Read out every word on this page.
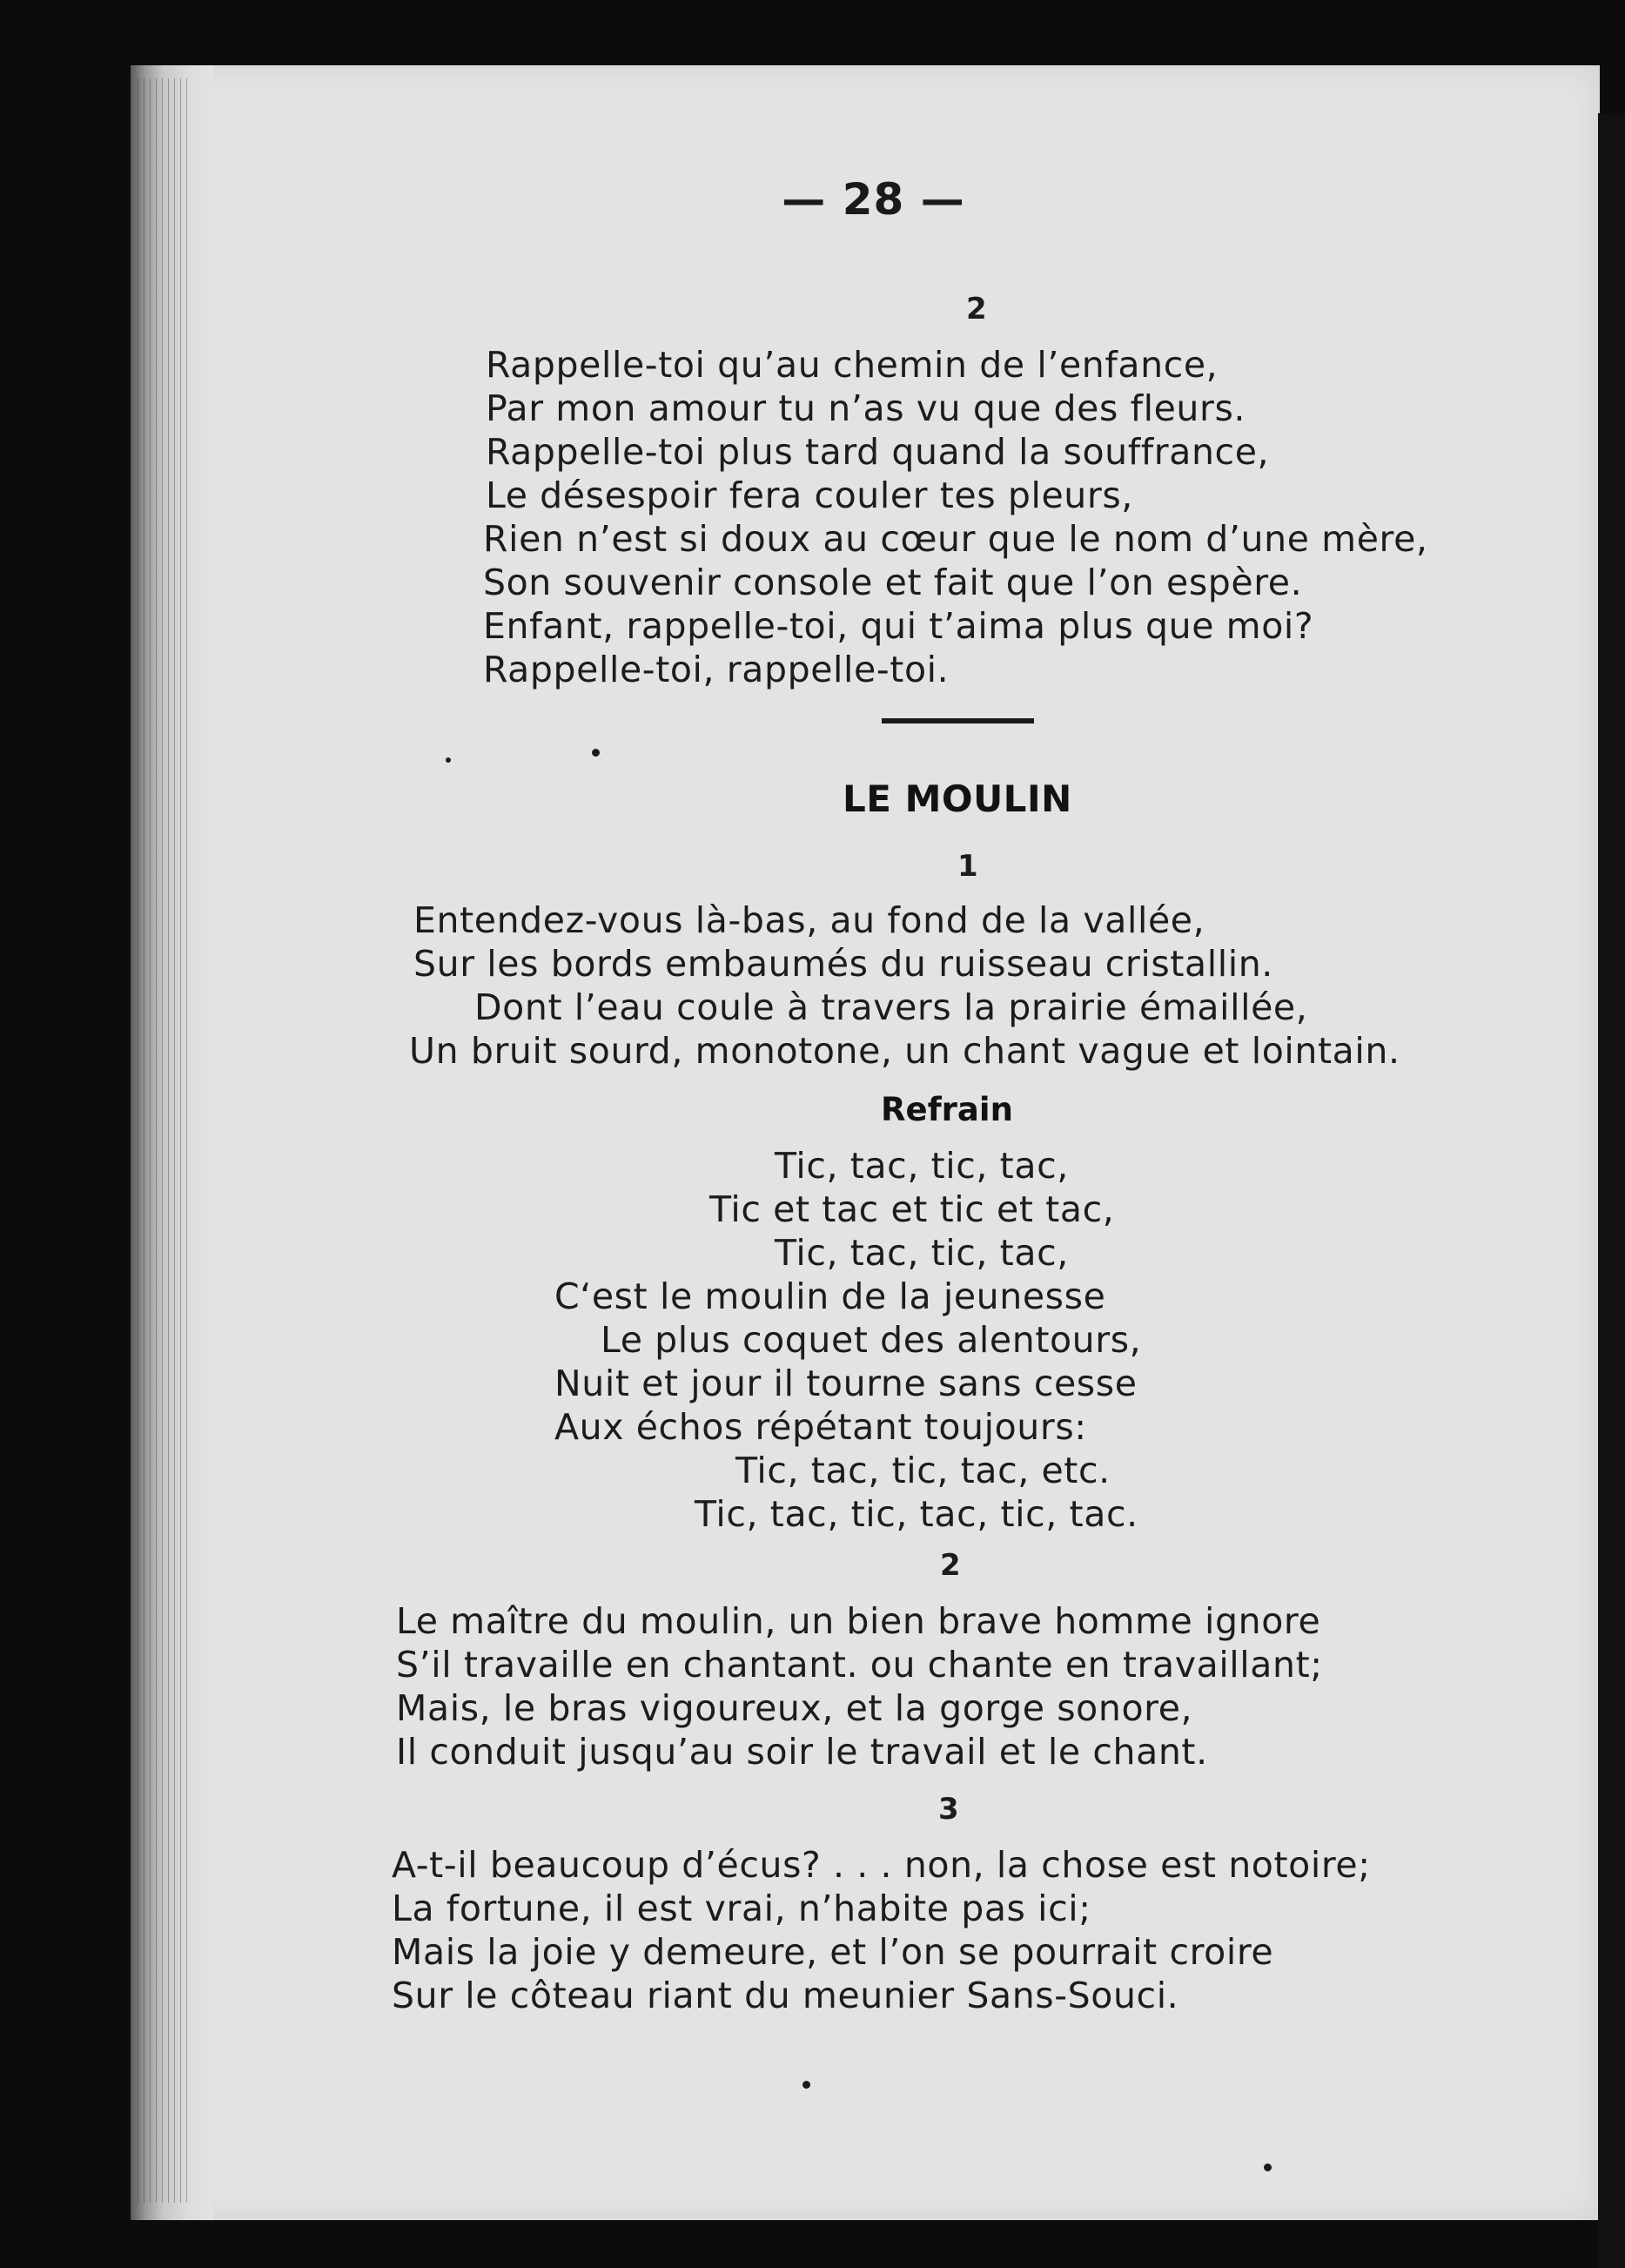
— 28 —
2
Rappelle-toi qu’au chemin de l’enfance,
Par mon amour tu n’as vu que des fleurs.
Rappelle-toi plus tard quand la souffrance,
Le désespoir fera couler tes pleurs,
Rien n’est si doux au cœur que le nom d’une mère,
Son souvenir console et fait que l’on espère.
Enfant, rappelle-toi, qui t’aima plus que moi?
Rappelle-toi, rappelle-toi.
LE MOULIN
1
Entendez-vous là-bas, au fond de la vallée,
Sur les bords embaumés du ruisseau cristallin.
Dont l’eau coule à travers la prairie émaillée,
Un bruit sourd, monotone, un chant vague et lointain.
Refrain
Tic, tac, tic, tac,
Tic et tac et tic et tac,
Tic, tac, tic, tac,
C‘est le moulin de la jeunesse
Le plus coquet des alentours,
Nuit et jour il tourne sans cesse
Aux échos répétant toujours:
Tic, tac, tic, tac, etc.
Tic, tac, tic, tac, tic, tac.
2
Le maître du moulin, un bien brave homme ignore
S’il travaille en chantant. ou chante en travaillant;
Mais, le bras vigoureux, et la gorge sonore,
Il conduit jusqu’au soir le travail et le chant.
3
A-t-il beaucoup d’écus? . . . non, la chose est notoire;
La fortune, il est vrai, n’habite pas ici;
Mais la joie y demeure, et l’on se pourrait croire
Sur le côteau riant du meunier Sans-Souci.
